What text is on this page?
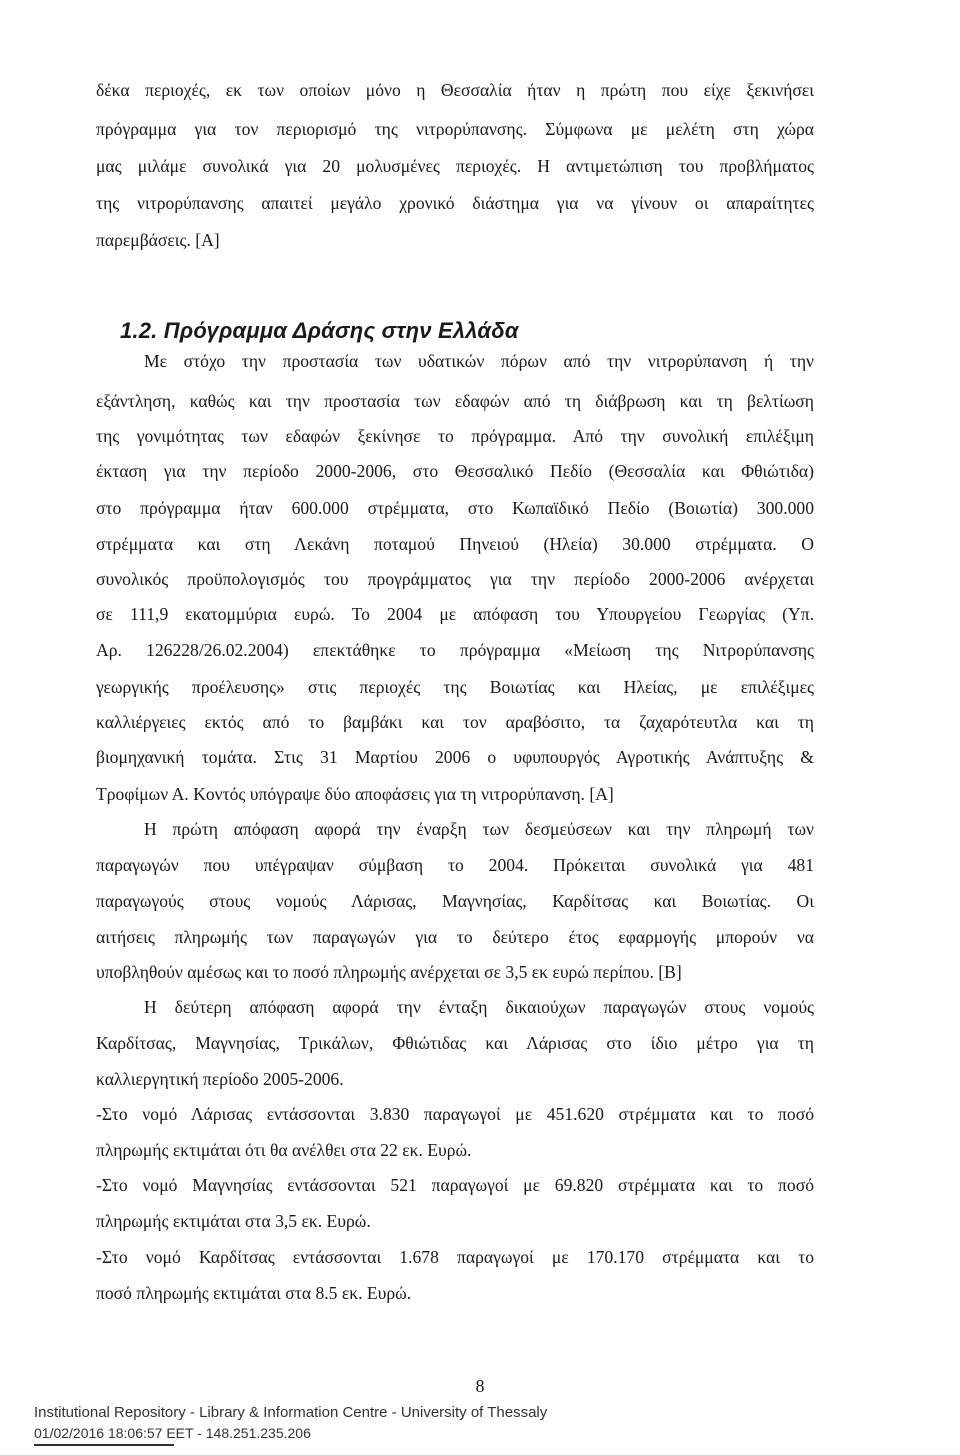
δέκα περιοχές, εκ των οποίων μόνο η Θεσσαλία ήταν η πρώτη που είχε ξεκινήσει
πρόγραμμα για τον περιορισμό της νιτρορύπανσης. Σύμφωνα με μελέτη στη χώρα
μας μιλάμε συνολικά για 20 μολυσμένες περιοχές. Η αντιμετώπιση του προβλήματος
της νιτρορύπανσης απαιτεί μεγάλο χρονικό διάστημα για να γίνουν οι απαραίτητες
παρεμβάσεις. [Α]
1.2. Πρόγραμμα Δράσης στην Ελλάδα
Με στόχο την προστασία των υδατικών πόρων από την νιτρορύπανση ή την
εξάντληση, καθώς και την προστασία των εδαφών από τη διάβρωση και τη βελτίωση
της γονιμότητας των εδαφών ξεκίνησε το πρόγραμμα. Από την συνολική επιλέξιμη
έκταση για την περίοδο 2000-2006, στο Θεσσαλικό Πεδίο (Θεσσαλία και Φθιώτιδα)
στο πρόγραμμα ήταν 600.000 στρέμματα, στο Κωπαϊδικό Πεδίο (Βοιωτία) 300.000
στρέμματα και στη Λεκάνη ποταμού Πηνειού (Ηλεία) 30.000 στρέμματα. Ο
συνολικός προϋπολογισμός του προγράμματος για την περίοδο 2000-2006 ανέρχεται
σε 111,9 εκατομμύρια ευρώ. Το 2004 με απόφαση του Υπουργείου Γεωργίας (Υπ.
Αρ. 126228/26.02.2004) επεκτάθηκε το πρόγραμμα «Μείωση της Νιτρορύπανσης
γεωργικής προέλευσης» στις περιοχές της Βοιωτίας και Ηλείας, με επιλέξιμες
καλλιέργειες εκτός από το βαμβάκι και τον αραβόσιτο, τα ζαχαρότευτλα και τη
βιομηχανική τομάτα. Στις 31 Μαρτίου 2006 ο υφυπουργός Αγροτικής Ανάπτυξης &
Τροφίμων Α. Κοντός υπόγραψε δύο αποφάσεις για τη νιτρορύπανση. [Α]
Η πρώτη απόφαση αφορά την έναρξη των δεσμεύσεων και την πληρωμή των
παραγωγών που υπέγραψαν σύμβαση το 2004. Πρόκειται συνολικά για 481
παραγωγούς στους νομούς Λάρισας, Μαγνησίας, Καρδίτσας και Βοιωτίας. Οι
αιτήσεις πληρωμής των παραγωγών για το δεύτερο έτος εφαρμογής μπορούν να
υποβληθούν αμέσως και το ποσό πληρωμής ανέρχεται σε 3,5 εκ ευρώ περίπου. [Β]
Η δεύτερη απόφαση αφορά την ένταξη δικαιούχων παραγωγών στους νομούς
Καρδίτσας, Μαγνησίας, Τρικάλων, Φθιώτιδας και Λάρισας στο ίδιο μέτρο για τη
καλλιεργητική περίοδο 2005-2006.
-Στο νομό Λάρισας εντάσσονται 3.830 παραγωγοί με 451.620 στρέμματα και το ποσό
πληρωμής εκτιμάται ότι θα ανέλθει στα 22 εκ. Ευρώ.
-Στο νομό Μαγνησίας εντάσσονται 521 παραγωγοί με 69.820 στρέμματα και το ποσό
πληρωμής εκτιμάται στα 3,5 εκ. Ευρώ.
-Στο νομό Καρδίτσας εντάσσονται 1.678 παραγωγοί με 170.170 στρέμματα και το
ποσό πληρωμής εκτιμάται στα 8.5 εκ. Ευρώ.
8
Institutional Repository - Library & Information Centre - University of Thessaly
01/02/2016 18:06:57 EET - 148.251.235.206
